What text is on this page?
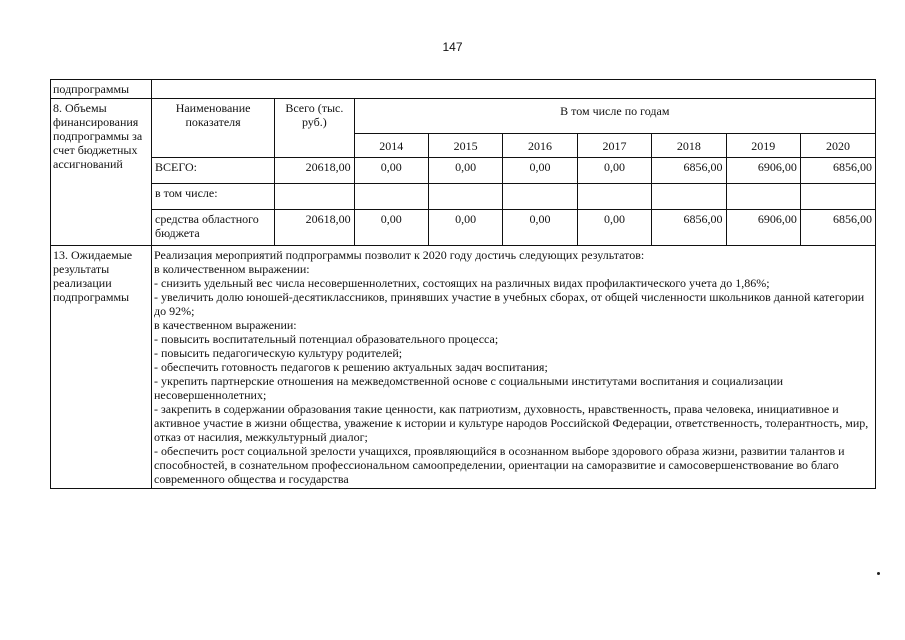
147
подпрограммы	
8. Объемы финансирования подпрограммы за счет бюджетных ассигнований	
Наименование показателя	Всего (тыс. руб.)	В том числе по годам
2014	2015	2016	2017	2018	2019	2020
ВСЕГО:	20618,00	0,00	0,00	0,00	0,00	6856,00	6906,00	6856,00
в том числе:								
средства областного бюджета	20618,00	0,00	0,00	0,00	0,00	6856,00	6906,00	6856,00

13. Ожидаемые результаты реализации подпрограммы	
Реализация мероприятий подпрограммы позволит к 2020 году достичь следующих результатов:
в количественном выражении:
- снизить удельный вес числа несовершеннолетних, состоящих на различных видах профилактического учета до 1,86%;
- увеличить долю юношей-десятиклассников, принявших участие в учебных сборах, от общей численности школьников данной категории до 92%;
в качественном выражении:
- повысить воспитательный потенциал образовательного процесса;
- повысить педагогическую культуру родителей;
- обеспечить готовность педагогов к решению актуальных задач воспитания;
- укрепить партнерские отношения на межведомственной основе с социальными институтами воспитания и социализации несовершеннолетних;
- закрепить в содержании образования такие ценности, как патриотизм, духовность, нравственность, права человека, инициативное и активное участие в жизни общества, уважение к истории и культуре народов Российской Федерации, ответственность, толерантность, мир, отказ от насилия, межкультурный диалог;
- обеспечить рост социальной зрелости учащихся, проявляющийся в осознанном выборе здорового образа жизни, развитии талантов и способностей, в сознательном профессиональном самоопределении, ориентации на саморазвитие и самосовершенствование во благо современного общества и государства
